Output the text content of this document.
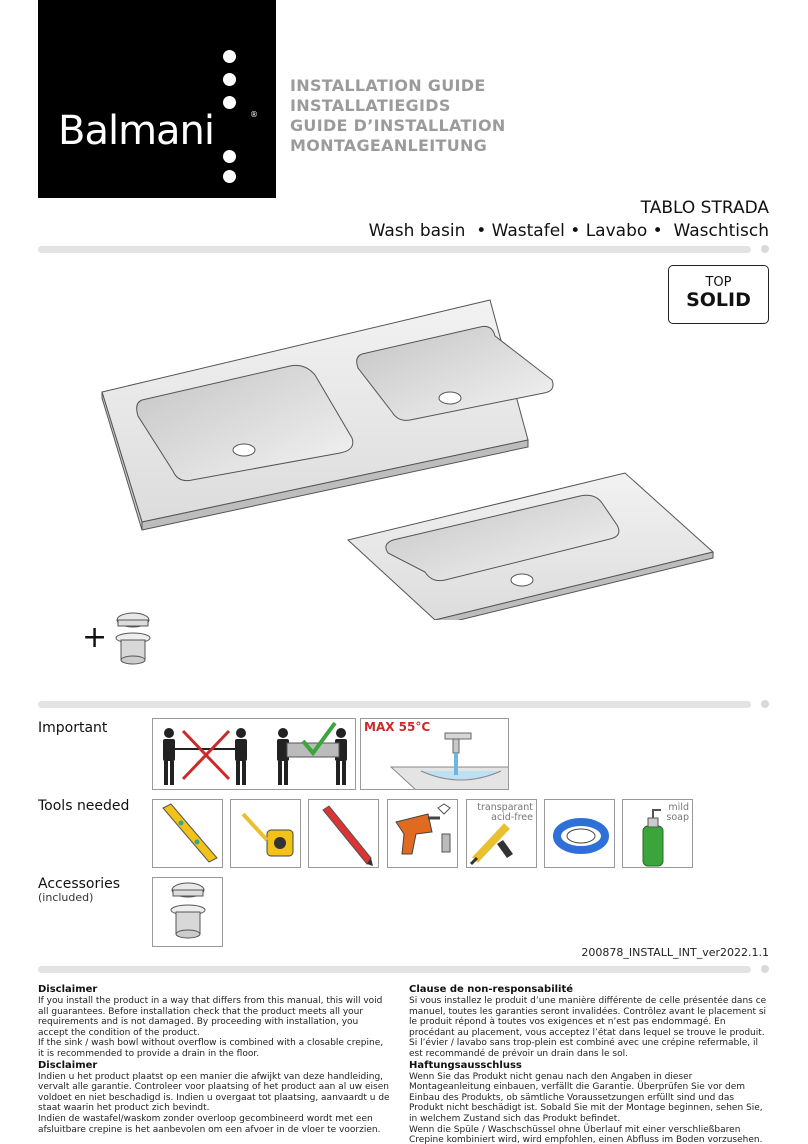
Balmani	®
INSTALLATION GUIDE
INSTALLATIEGIDS
GUIDE D’INSTALLATION
MONTAGEANLEITUNG
TABLO STRADA
Wash basin  • Wastafel • Lavabo •  Waschtisch
TOP
SOLID
+
Important	MAX 55°C
Tools needed	transparant
acid-free
mild
soap
Accessories
(included)
200878_INSTALL_INT_ver2022.1.1
Disclaimer
If you install the product in a way that differs from this manual, this will void all guarantees. Before installation check that the product meets all your requirements and is not damaged. By proceeding with installation, you accept the condition of the product.
If the sink / wash bowl without overflow is combined with a closable crepine, it is recommended to provide a drain in the floor.
Disclaimer
Indien u het product plaatst op een manier die afwijkt van deze handleiding, vervalt alle garantie. Controleer voor plaatsing of het product aan al uw eisen voldoet en niet beschadigd is. Indien u overgaat tot plaatsing, aanvaardt u de staat waarin het product zich bevindt.
Indien de wastafel/waskom zonder overloop gecombineerd wordt met een afsluitbare crepine is het aanbevolen om een afvoer in de vloer te voorzien.
Clause de non-responsabilité
Si vous installez le produit d’une manière différente de celle présentée dans ce manuel, toutes les garanties seront invalidées. Contrôlez avant le placement si le produit répond à toutes vos exigences et n’est pas endommagé. En procédant au placement, vous acceptez l’état dans lequel se trouve le produit.
Si l’évier / lavabo sans trop-plein est combiné avec une crépine refermable, il est recommandé de prévoir un drain dans le sol.
Haftungsausschluss
Wenn Sie das Produkt nicht genau nach den Angaben in dieser Montageanleitung einbauen, verfällt die Garantie. Überprüfen Sie vor dem Einbau des Produkts, ob sämtliche Voraussetzungen erfüllt sind und das Produkt nicht beschädigt ist. Sobald Sie mit der Montage beginnen, sehen Sie, in welchem Zustand sich das Produkt befindet.
Wenn die Spüle / Waschschüssel ohne Überlauf mit einer verschließbaren Crepine kombiniert wird, wird empfohlen, einen Abfluss im Boden vorzusehen.
